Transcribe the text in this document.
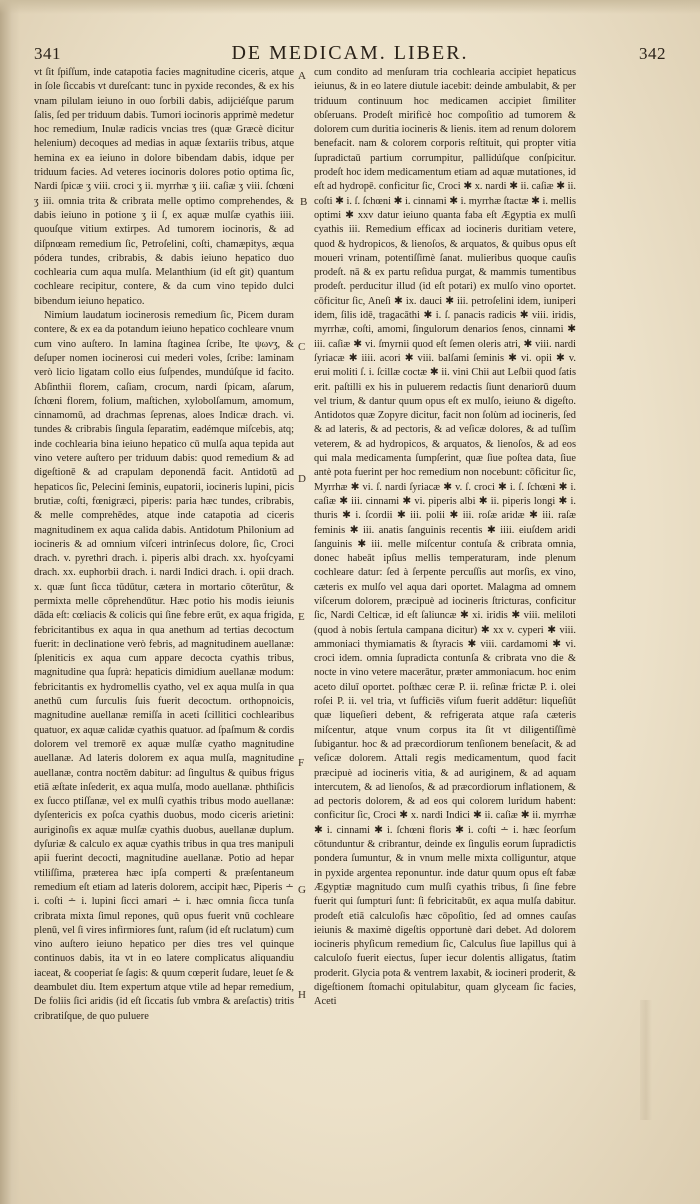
341	DE MEDICAM. LIBER.	342

vt ſit ſpiſſum, inde catapotia facies magnitudine ciceris, atque in ſole ſiccabis vt dureſcant: tunc in pyxide recondes, & ex his vnam pilulam ieiuno in ouo ſorbili dabis, adijciéſque parum ſalis, ſed per triduum dabis. Tumori iocinoris apprimè medetur hoc remedium, Inulæ radicis vncias tres (quæ Græcè dicitur helenium) decoques ad medias in aquæ ſextariis tribus, atque hemina ex ea ieiuno in dolore bibendam dabis, idque per triduum facies. Ad veteres iocinoris dolores potio optima ſic, Nardi ſpicæ ʒ viii. croci ʒ ii. myrrhæ ʒ iii. caſiæ ʒ viii. ſchœni ʒ iii. omnia trita & cribrata melle optimo comprehendes, & dabis ieiuno in potione ʒ ii ſ, ex aquæ mulſæ cyathis iiii. quouſque vitium extirpes. Ad tumorem iocinoris, & ad diſpnœam remedium ſic, Petroſelini, coſti, chamæpitys, æqua pódera tundes, cribrabis, & dabis ieiuno hepatico duo cochlearia cum aqua mulſa. Melanthium (id eſt git) quantum cochleare recipitur, contere, & da cum vino tepido dulci bibendum ieiuno hepatico.

Nimium laudatum iocinerosis remedium ſic, Picem duram contere, & ex ea da potandum ieiuno hepatico cochleare vnum cum vino auſtero. In lamina ſtaginea ſcribe, Ite ψωνʒ, & deſuper nomen iocinerosi cui mederi voles, ſcribe: laminam verò licio ligatam collo eius ſuſpendes, mundúſque id facito. Abſinthii florem, caſiam, crocum, nardi ſpicam, aſarum, ſchœni florem, folium, maſtichen, xylobolſamum, amomum, cinnamomū, ad drachmas ſeprenas, aloes Indicæ drach. vi. tundes & cribrabis ſingula ſeparatim, eadémque miſcebis, atq; inde cochlearia bina ieiuno hepatico cū mulſa aqua tepida aut vino vetere auſtero per triduum dabis: quod remedium & ad digeſtionē & ad crapulam deponendā facit. Antidotū ad hepaticos ſic, Pelecini ſeminis, eupatorii, iocineris lupini, picis brutiæ, coſti, fœnigræci, piperis: paria hæc tundes, cribrabis, & melle comprehēdes, atque inde catapotia ad ciceris magnitudinem ex aqua calida dabis. Antidotum Philonium ad iocineris & ad omnium viſceri intrinſecus dolore, ſic, Croci drach. v. pyrethri drach. i. piperis albi drach. xx. hyoſcyami drach. xx. euphorbii drach. i. nardi Indici drach. i. opii drach. x. quæ ſunt ſicca tūdūtur, cætera in mortario cōterūtur, & permixta melle cōprehendūtur. Hæc potio his modis ieiunis dāda eſt: cœliacis & colicis qui ſine febre erūt, ex aqua frigida, febricitantibus ex aqua in qua anethum ad tertias decoctum fuerit: in declinatione verò febris, ad magnitudinem auellanæ: ſpleniticis ex aqua cum appare decocta cyathis tribus, magnitudine qua ſuprà: hepaticis dimidium auellanæ modum: febricitantis ex hydromellis cyatho, vel ex aqua mulſa in qua anethū cum ſurculis ſuis fuerit decoctum. orthopnoicis, magnitudine auellanæ remiſſa in aceti ſcillitici cochlearibus quatuor, ex aquæ calidæ cyathis quatuor. ad ſpaſmum & cordis dolorem vel tremorē ex aquæ mulſæ cyatho magnitudine auellanæ. Ad lateris dolorem ex aqua mulſa, magnitudine auellanæ, contra noctēm dabitur: ad ſingultus & quibus frigus etiā æſtate inſederit, ex aqua mulſa, modo auellanæ. phthiſicis ex ſucco ptiſſanæ, vel ex mulſi cyathis tribus modo auellanæ: dyſentericis ex poſca cyathis duobus, modo ciceris arietini: auriginoſis ex aquæ mulſæ cyathis duobus, auellanæ duplum. dyſuriæ & calculo ex aquæ cyathis tribus in qua tres manipuli apii fuerint decocti, magnitudine auellanæ. Potio ad hepar vtiliſſima, præterea hæc ipſa comperti & præſentaneum remedium eſt etiam ad lateris dolorem, accipit hæc, Piperis ∸ i. coſti ∸ i. lupini ſicci amari ∸ i. hæc omnia ſicca tunſa cribrata mixta ſimul repones, quū opus fuerit vnū cochleare plenū, vel ſi vires infirmiores ſunt, raſum (id eſt ruclatum) cum vino auſtero ieiuno hepatico per dies tres vel quinque continuos dabis, ita vt in eo latere complicatus aliquandiu iaceat, & cooperiat ſe ſagis: & quum cœperit ſudare, leuet ſe & deambulet diu. Item expertum atque vtile ad hepar remedium, De foliis ſici aridis (id eſt ſiccatis ſub vmbra & areſactis) tritis cribratiſque, de quo puluere

cum condito ad menſuram tria cochlearia accipiet hepaticus ieiunus, & in eo latere diutule iacebit: deinde ambulabit, & per triduum continuum hoc medicamen accipiet ſimiliter obſeruans. Prodeſt mirificè hoc compoſitio ad tumorem & dolorem cum duritia iocineris & lienis. item ad renum dolorem benefacit. nam & colorem corporis reſtituit, qui propter vitia ſupradictaū partium corrumpitur, pallidúſque conſpicitur. prodeſt hoc idem medicamentum etiam ad aquæ mutationes, id eſt ad hydropē. conficitur ſic, Croci ✱ x. nardi ✱ ii. caſiæ ✱ ii. coſti ✱ i. ſ. ſchœni ✱ i. cinnami ✱ i. myrrhæ ſtactæ ✱ i. mellis optimi ✱ xxv datur ieiuno quanta faba eſt Ægyptia ex mulſi cyathis iii. Remedium efficax ad iocineris duritiam vetere, quod & hydropicos, & lienoſos, & arquatos, & quibus opus eſt moueri vrinam, potentiſſimè ſanat. mulieribus quoque cauſis prodeſt. nā & ex partu reſidua purgat, & mammis tumentibus prodeſt. perducitur illud (id eſt potari) ex mulſo vino oportet. cōficitur ſic, Aneſi ✱ ix. dauci ✱ iii. petroſelini idem, iuniperi idem, ſilis idē, tragacāthi ✱ i. ſ. panacis radicis ✱ viii. iridis, myrrhæ, coſti, amomi, ſingulorum denarios ſenos, cinnami ✱ iii. caſiæ ✱ vi. ſmyrnii quod eſt ſemen oleris atri, ✱ viii. nardi ſyriacæ ✱ iiii. acori ✱ viii. balſami ſeminis ✱ vi. opii ✱ v. erui moliti ſ. i. ſcillæ coctæ ✱ ii. vini Chii aut Leſbii quod ſatis erit. paſtilli ex his in puluerem redactis ſiunt denariorū duum vel trium, & dantur quum opus eſt ex mulſo, ieiuno & digeſto. Antidotos quæ Zopyre dicitur, facit non ſolùm ad iocineris, ſed & ad lateris, & ad pectoris, & ad veſicæ dolores, & ad tuſſim veterem, & ad hydropicos, & arquatos, & lienoſos, & ad eos qui mala medicamenta ſumpſerint, quæ ſiue poſtea data, ſiue antè pota fuerint per hoc remedium non nocebunt: cōficitur ſic, Myrrhæ ✱ vi. ſ. nardi ſyriacæ ✱ v. ſ. croci ✱ i. ſ. ſchœni ✱ i. caſiæ ✱ iii. cinnami ✱ vi. piperis albi ✱ ii. piperis longi ✱ i. thuris ✱ i. ſcordii ✱ iii. polii ✱ iii. roſæ aridæ ✱ iii. raſæ feminis ✱ iii. anatis ſanguinis recentis ✱ iiii. eiuſdem aridi ſanguinis ✱ iii. melle miſcentur contuſa & cribrata omnia, donec habeāt ipſius mellis temperaturam, inde plenum cochleare datur: ſed à ſerpente percuſſis aut morſis, ex vino, cæteris ex mulſo vel aqua dari oportet. Malagma ad omnem viſcerum dolorem, præcipuè ad iocineris ſtricturas, conficitur ſic, Nardi Celticæ, id eſt ſaliuncæ ✱ xi. iridis ✱ viii. meliloti (quod à nobis ſertula campana dicitur) ✱ xx v. cyperi ✱ viii. ammoniaci thymiamatis & ſtyracis ✱ viii. cardamomi ✱ vi. croci idem. omnia ſupradicta contunſa & cribrata vno die & nocte in vino vetere macerātur, præter ammoniacum. hoc enim aceto diluī oportet. poſthæc ceræ P. ii. reſinæ frictæ P. i. olei roſei P. ii. vel tria, vt ſufficiēs viſum fuerit addētur: liqueſiūt quæ liqueſieri debent, & refrigerata atque raſa cæteris miſcentur, atque vnum corpus ita ſit vt diligentiſſimè ſubigantur. hoc & ad præcordiorum tenſionem beneſacit, & ad veſicæ dolorem. Attali regis medicamentum, quod facit præcipuè ad iocineris vitia, & ad auriginem, & ad aquam intercutem, & ad lienoſos, & ad præcordiorum inflationem, & ad pectoris dolorem, & ad eos qui colorem luridum habent: conficitur ſic, Croci ✱ x. nardi Indici ✱ ii. caſiæ ✱ ii. myrrhæ ✱ i. cinnami ✱ i. ſchœni floris ✱ i. coſti ∸ i. hæc ſeorſum cōtunduntur & cribrantur, deinde ex ſingulis eorum ſupradictis pondera ſumuntur, & in vnum melle mixta colliguntur, atque in pyxide argentea reponuntur. inde datur quum opus eſt fabæ Ægyptiæ magnitudo cum mulſi cyathis tribus, ſi ſine febre fuerit qui ſumpturi ſunt: ſi febricitabūt, ex aqua mulſa dabitur. prodeſt etiā calculoſis hæc cōpoſitio, ſed ad omnes cauſas ieiunis & maximè digeſtis opportunè dari debet. Ad dolorem iocineris phyſicum remedium ſic, Calculus ſiue lapillus qui à calculoſo fuerit eiectus, ſuper iecur dolentis alligatus, ſtatim proderit. Glycia pota & ventrem laxabit, & iocineri proderit, & digeſtionem ſtomachi opitulabitur, quam glyceam ſic facies, Aceti

A
B
C
D
E
F
G
H
